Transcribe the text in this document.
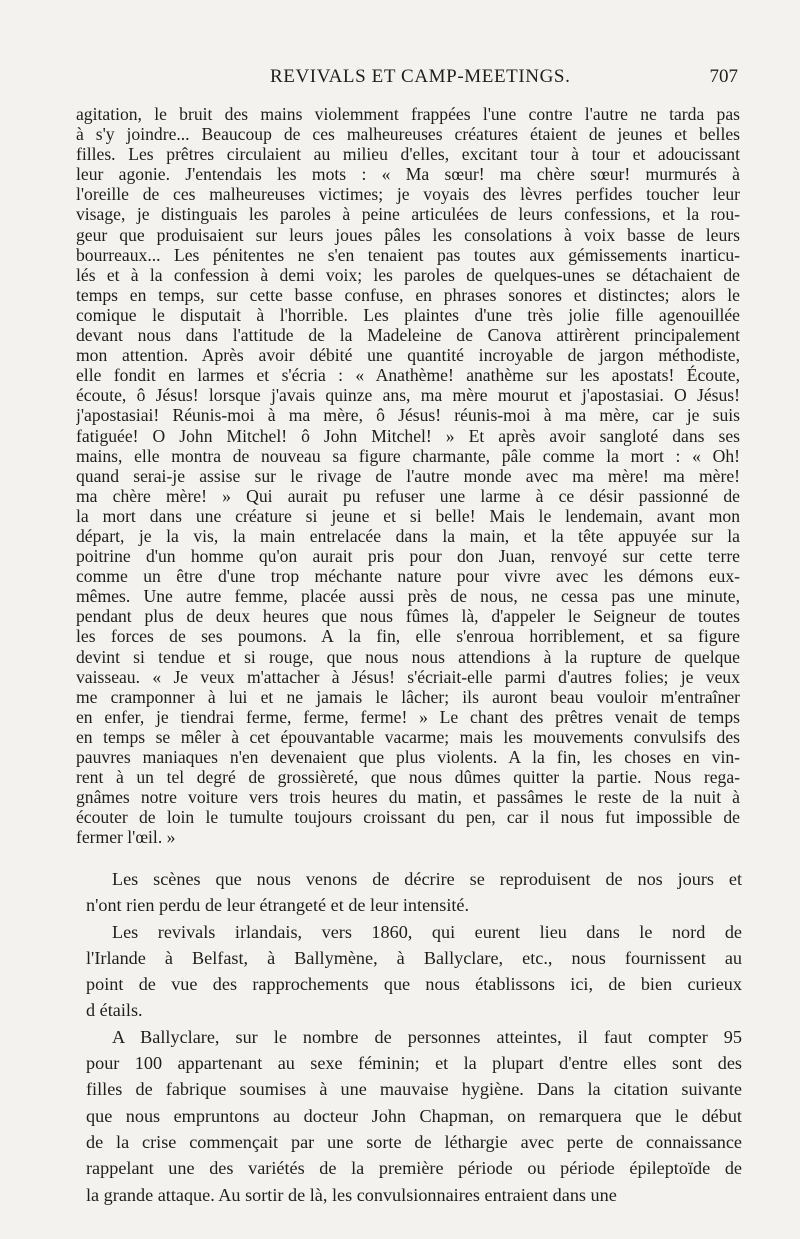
REVIVALS ET CAMP-MEETINGS.	707
agitation, le bruit des mains violemment frappées l'une contre l'autre ne tarda pas
à s'y joindre... Beaucoup de ces malheureuses créatures étaient de jeunes et belles
filles. Les prêtres circulaient au milieu d'elles, excitant tour à tour et adoucissant
leur agonie. J'entendais les mots : « Ma sœur! ma chère sœur! murmurés à
l'oreille de ces malheureuses victimes; je voyais des lèvres perfides toucher leur
visage, je distinguais les paroles à peine articulées de leurs confessions, et la rou-
geur que produisaient sur leurs joues pâles les consolations à voix basse de leurs
bourreaux... Les pénitentes ne s'en tenaient pas toutes aux gémissements inarticu-
lés et à la confession à demi voix; les paroles de quelques-unes se détachaient de
temps en temps, sur cette basse confuse, en phrases sonores et distinctes; alors le
comique le disputait à l'horrible. Les plaintes d'une très jolie fille agenouillée
devant nous dans l'attitude de la Madeleine de Canova attirèrent principalement
mon attention. Après avoir débité une quantité incroyable de jargon méthodiste,
elle fondit en larmes et s'écria : « Anathème! anathème sur les apostats! Écoute,
écoute, ô Jésus! lorsque j'avais quinze ans, ma mère mourut et j'apostasiai. O Jésus!
j'apostasiai! Réunis-moi à ma mère, ô Jésus! réunis-moi à ma mère, car je suis
fatiguée! O John Mitchel! ô John Mitchel! » Et après avoir sangloté dans ses
mains, elle montra de nouveau sa figure charmante, pâle comme la mort : « Oh!
quand serai-je assise sur le rivage de l'autre monde avec ma mère! ma mère!
ma chère mère! » Qui aurait pu refuser une larme à ce désir passionné de
la mort dans une créature si jeune et si belle! Mais le lendemain, avant mon
départ, je la vis, la main entrelacée dans la main, et la tête appuyée sur la
poitrine d'un homme qu'on aurait pris pour don Juan, renvoyé sur cette terre
comme un être d'une trop méchante nature pour vivre avec les démons eux-
mêmes. Une autre femme, placée aussi près de nous, ne cessa pas une minute,
pendant plus de deux heures que nous fûmes là, d'appeler le Seigneur de toutes
les forces de ses poumons. A la fin, elle s'enroua horriblement, et sa figure
devint si tendue et si rouge, que nous nous attendions à la rupture de quelque
vaisseau. « Je veux m'attacher à Jésus! s'écriait-elle parmi d'autres folies; je veux
me cramponner à lui et ne jamais le lâcher; ils auront beau vouloir m'entraîner
en enfer, je tiendrai ferme, ferme, ferme! » Le chant des prêtres venait de temps
en temps se mêler à cet épouvantable vacarme; mais les mouvements convulsifs des
pauvres maniaques n'en devenaient que plus violents. A la fin, les choses en vin-
rent à un tel degré de grossièreté, que nous dûmes quitter la partie. Nous rega-
gnâmes notre voiture vers trois heures du matin, et passâmes le reste de la nuit à
écouter de loin le tumulte toujours croissant du pen, car il nous fut impossible de
fermer l'œil. »
Les scènes que nous venons de décrire se reproduisent de nos jours et
n'ont rien perdu de leur étrangeté et de leur intensité.
Les revivals irlandais, vers 1860, qui eurent lieu dans le nord de
l'Irlande à Belfast, à Ballymène, à Ballyclare, etc., nous fournissent au
point de vue des rapprochements que nous établissons ici, de bien curieux
d étails.
A Ballyclare, sur le nombre de personnes atteintes, il faut compter 95
pour 100 appartenant au sexe féminin; et la plupart d'entre elles sont des
filles de fabrique soumises à une mauvaise hygiène. Dans la citation suivante
que nous empruntons au docteur John Chapman, on remarquera que le début
de la crise commençait par une sorte de léthargie avec perte de connaissance
rappelant une des variétés de la première période ou période épileptoïde de
la grande attaque. Au sortir de là, les convulsionnaires entraient dans une
